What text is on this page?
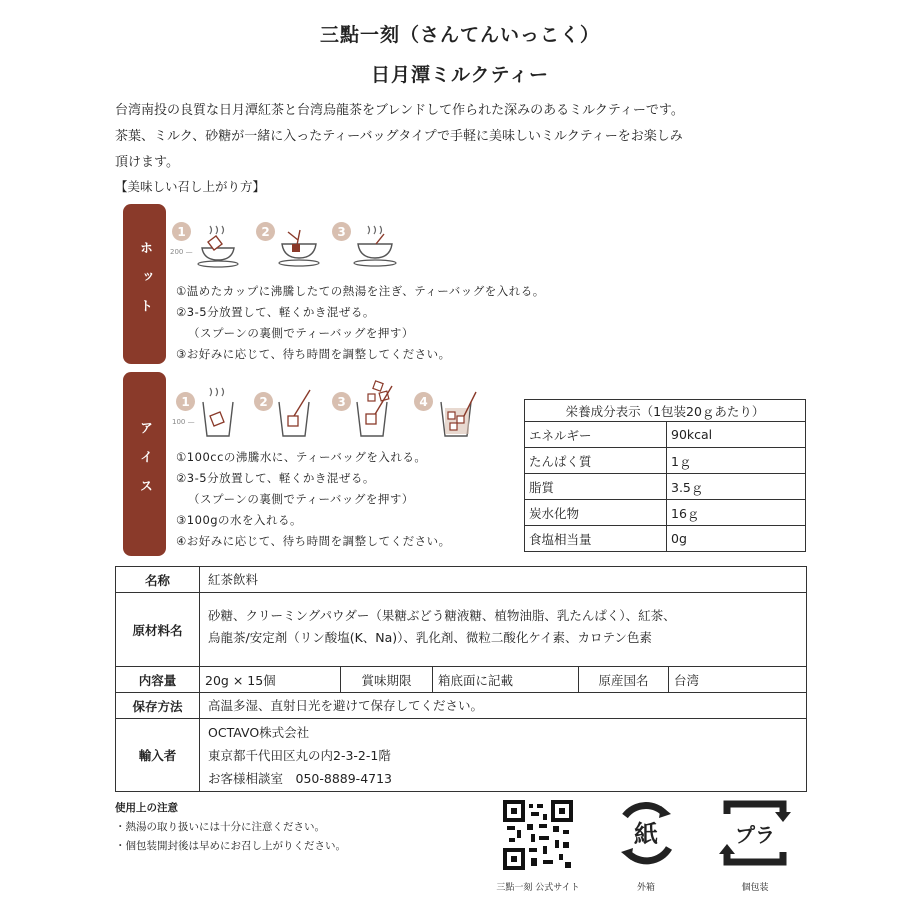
三點一刻（さんてんいっこく）
日月潭ミルクティー
台湾南投の良質な日月潭紅茶と台湾烏龍茶をブレンドして作られた深みのあるミルクティーです。
茶葉、ミルク、砂糖が一緒に入ったティーバッグタイプで手軽に美味しいミルクティーをお楽しみ
頂けます。
【美味しい召し上がり方】
ホット	200 —
1	2	3
①温めたカップに沸騰したての熱湯を注ぎ、ティーバッグを入れる。
②3-5分放置して、軽くかき混ぜる。
（スプーンの裏側でティーバッグを押す）
③お好みに応じて、待ち時間を調整してください。
アイス	100 —
1	2	3	4
①100ccの沸騰水に、ティーバッグを入れる。
②3-5分放置して、軽くかき混ぜる。
（スプーンの裏側でティーバッグを押す）
③100gの水を入れる。
④お好みに応じて、待ち時間を調整してください。
栄養成分表示（1包装20ｇあたり）	
エネルギー	90kcal
たんぱく質	1ｇ
脂質	3.5ｇ
炭水化物	16ｇ
食塩相当量	0g
名称	紅茶飲料
原材料名
砂糖、クリーミングパウダー（果糖ぶどう糖液糖、植物油脂、乳たんぱく）、紅茶、
烏龍茶/安定剤（リン酸塩(K、Na)）、乳化剤、微粒二酸化ケイ素、カロテン色素
内容量	20g × 15個	賞味期限	箱底面に記載	原産国名	台湾
保存方法	高温多湿、直射日光を避けて保存してください。
輸入者
OCTAVO株式会社
東京都千代田区丸の内2-3-2-1階
お客様相談室　050-8889-4713
使用上の注意
・熱湯の取り扱いには十分に注意ください。
・個包装開封後は早めにお召し上がりください。
三點一刻 公式サイト
紙
外箱
プラ
個包装
